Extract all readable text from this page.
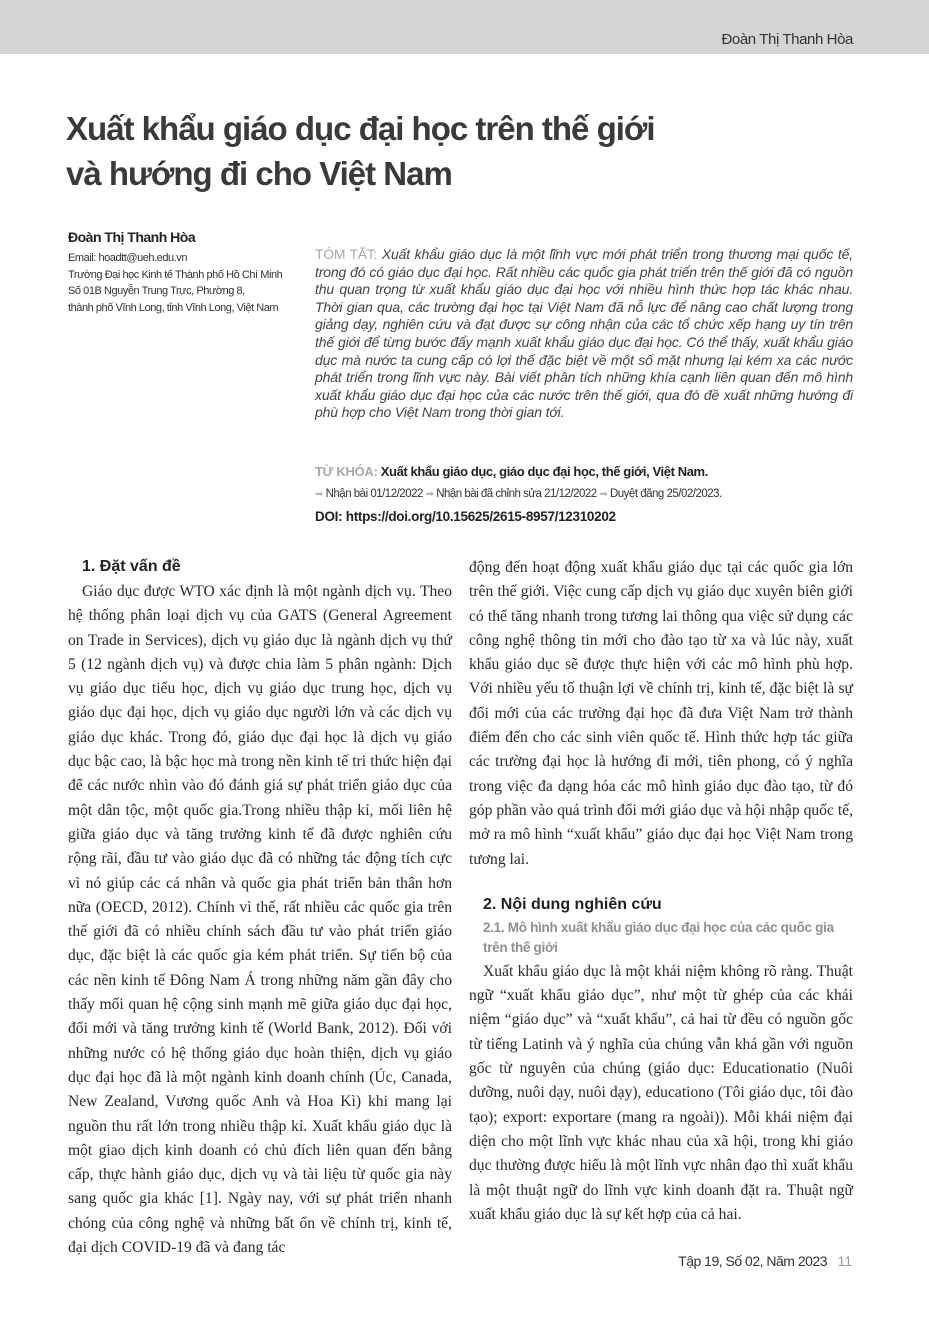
Đoàn Thị Thanh Hòa
Xuất khẩu giáo dục đại học trên thế giới
và hướng đi cho Việt Nam
Đoàn Thị Thanh Hòa
Email: hoadtt@ueh.edu.vn
Trường Đại học Kinh tế Thành phố Hồ Chí Minh
Số 01B Nguyễn Trung Trực, Phường 8,
thành phố Vĩnh Long, tỉnh Vĩnh Long, Việt Nam
TÓM TẮT: Xuất khẩu giáo dục là một lĩnh vực mới phát triển trong thương mại quốc tế, trong đó có giáo dục đại học. Rất nhiều các quốc gia phát triển trên thế giới đã có nguồn thu quan trọng từ xuất khẩu giáo dục đại học với nhiều hình thức hợp tác khác nhau. Thời gian qua, các trường đại học tại Việt Nam đã nỗ lực để nâng cao chất lượng trong giảng dạy, nghiên cứu và đạt được sự công nhận của các tổ chức xếp hạng uy tín trên thế giới để từng bước đẩy mạnh xuất khẩu giáo dục đại học. Có thể thấy, xuất khẩu giáo dục mà nước ta cung cấp có lợi thế đặc biệt về một số mặt nhưng lại kém xa các nước phát triển trong lĩnh vực này. Bài viết phân tích những khía cạnh liên quan đến mô hình xuất khẩu giáo dục đại học của các nước trên thế giới, qua đó đề xuất những hướng đi phù hợp cho Việt Nam trong thời gian tới.
TỪ KHÓA: Xuất khẩu giáo dục, giáo dục đại học, thế giới, Việt Nam.
➡ Nhận bài 01/12/2022 ➡ Nhận bài đã chỉnh sửa 21/12/2022 ➡ Duyệt đăng 25/02/2023.
DOI: https://doi.org/10.15625/2615-8957/12310202
1. Đặt vấn đề

Giáo dục được WTO xác định là một ngành dịch vụ. Theo hệ thống phân loại dịch vụ của GATS (General Agreement on Trade in Services), dịch vụ giáo dục là ngành dịch vụ thứ 5 (12 ngành dịch vụ) và được chia làm 5 phân ngành: Dịch vụ giáo dục tiểu học, dịch vụ giáo dục trung học, dịch vụ giáo dục đại học, dịch vụ giáo dục người lớn và các dịch vụ giáo dục khác. Trong đó, giáo dục đại học là dịch vụ giáo dục bậc cao, là bậc học mà trong nền kinh tế tri thức hiện đại để các nước nhìn vào đó đánh giá sự phát triển giáo dục của một dân tộc, một quốc gia.Trong nhiều thập kỉ, mối liên hệ giữa giáo dục và tăng trưởng kinh tế đã được nghiên cứu rộng rãi, đầu tư vào giáo dục đã có những tác động tích cực vì nó giúp các cá nhân và quốc gia phát triển bản thân hơn nữa (OECD, 2012). Chính vì thế, rất nhiều các quốc gia trên thế giới đã có nhiều chính sách đầu tư vào phát triển giáo dục, đặc biệt là các quốc gia kém phát triển. Sự tiến bộ của các nền kinh tế Đông Nam Á trong những năm gần đây cho thấy mối quan hệ cộng sinh mạnh mẽ giữa giáo dục đại học, đổi mới và tăng trưởng kinh tế (World Bank, 2012). Đối với những nước có hệ thống giáo dục hoàn thiện, dịch vụ giáo dục đại học đã là một ngành kinh doanh chính (Úc, Canada, New Zealand, Vương quốc Anh và Hoa Kì) khi mang lại nguồn thu rất lớn trong nhiều thập kỉ. Xuất khẩu giáo dục là một giao dịch kinh doanh có chủ đích liên quan đến bằng cấp, thực hành giáo dục, dịch vụ và tài liệu từ quốc gia này sang quốc gia khác [1]. Ngày nay, với sự phát triển nhanh chóng của công nghệ và những bất ổn về chính trị, kinh tế, đại dịch COVID-19 đã và đang tác

động đến hoạt động xuất khẩu giáo dục tại các quốc gia lớn trên thế giới. Việc cung cấp dịch vụ giáo dục xuyên biên giới có thể tăng nhanh trong tương lai thông qua việc sử dụng các công nghệ thông tin mới cho đào tạo từ xa và lúc này, xuất khẩu giáo dục sẽ được thực hiện với các mô hình phù hợp. Với nhiều yếu tố thuận lợi về chính trị, kinh tế, đặc biệt là sự đổi mới của các trường đại học đã đưa Việt Nam trở thành điểm đến cho các sinh viên quốc tế. Hình thức hợp tác giữa các trường đại học là hướng đi mới, tiên phong, có ý nghĩa trong việc đa dạng hóa các mô hình giáo dục đào tạo, từ đó góp phần vào quá trình đổi mới giáo dục và hội nhập quốc tế, mở ra mô hình “xuất khẩu” giáo dục đại học Việt Nam trong tương lai.

2. Nội dung nghiên cứu
2.1. Mô hình xuất khẩu giáo dục đại học của các quốc gia trên thế giới

Xuất khẩu giáo dục là một khái niệm không rõ ràng. Thuật ngữ “xuất khẩu giáo dục”, như một từ ghép của các khái niệm “giáo dục” và “xuất khẩu”, cả hai từ đều có nguồn gốc từ tiếng Latinh và ý nghĩa của chúng vẫn khá gần với nguồn gốc từ nguyên của chúng (giáo dục: Educationatio (Nuôi dưỡng, nuôi dạy, nuôi dạy), educationo (Tôi giáo dục, tôi đào tạo); export: exportare (mang ra ngoài)). Mỗi khái niệm đại diện cho một lĩnh vực khác nhau của xã hội, trong khi giáo dục thường được hiểu là một lĩnh vực nhân đạo thì xuất khẩu là một thuật ngữ do lĩnh vực kinh doanh đặt ra. Thuật ngữ xuất khẩu giáo dục là sự kết hợp của cả hai.

Tập 19, Số 02, Năm 2023 11
